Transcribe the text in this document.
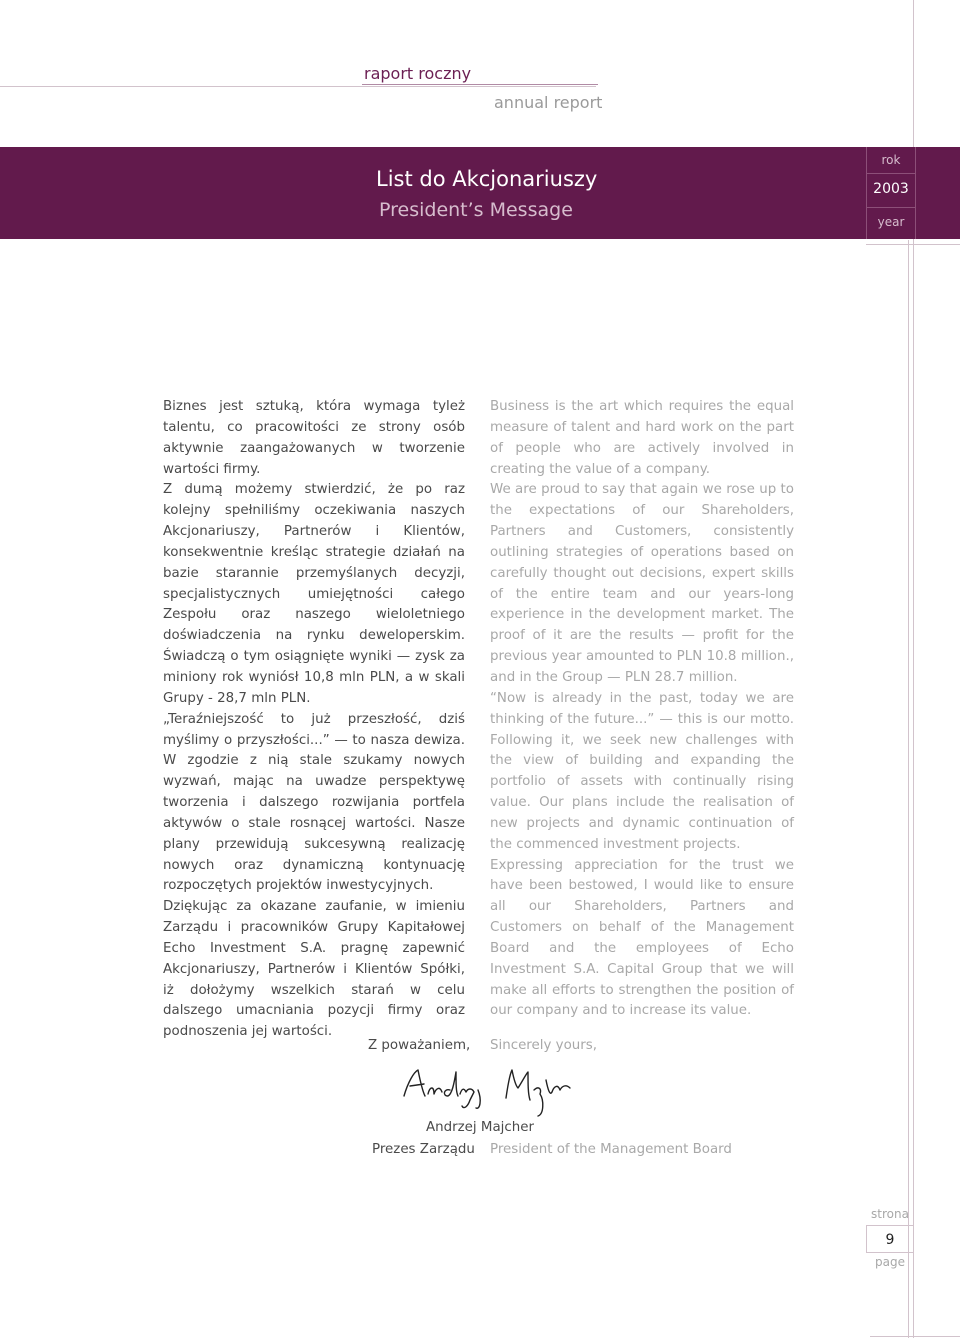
raport roczny
annual report
List do Akcjonariuszy
President’s Message
rok
2003
year

Biznes jest sztuką, która wymaga tyleż talentu, co pracowitości ze strony osób aktywnie zaangażowanych w tworzenie wartości firmy.

Z dumą możemy stwierdzić, że po raz kolejny spełniliśmy oczekiwania naszych Akcjonariuszy, Partnerów i Klientów, konsekwentnie kreśląc strategie działań na bazie starannie przemyślanych decyzji, specjalistycznych umiejętności całego Zespołu oraz naszego wieloletniego doświadczenia na rynku deweloperskim. Świadczą o tym osiągnięte wyniki — zysk za miniony rok wyniósł 10,8 mln PLN, a w skali Grupy - 28,7 mln PLN.

„Teraźniejszość to już przeszłość, dziś myślimy o przyszłości...” — to nasza dewiza. W zgodzie z nią stale szukamy nowych wyzwań, mając na uwadze perspektywę tworzenia i dalszego rozwijania portfela aktywów o stale rosnącej wartości. Nasze plany przewidują sukcesywną realizację nowych oraz dynamiczną kontynuację rozpoczętych projektów inwestycyjnych.

Dziękując za okazane zaufanie, w imieniu Zarządu i pracowników Grupy Kapitałowej Echo Investment S.A. pragnę zapewnić Akcjonariuszy, Partnerów i Klientów Spółki, iż dołożymy wszelkich starań w celu dalszego umacniania pozycji firmy oraz podnoszenia jej wartości.

Business is the art which requires the equal measure of talent and hard work on the part of people who are actively involved in creating the value of a company.

We are proud to say that again we rose up to the expectations of our Shareholders, Partners and Customers, consistently outlining strategies of operations based on carefully thought out decisions, expert skills of the entire team and our years-long experience in the development market. The proof of it are the results — profit for the previous year amounted to PLN 10.8 million., and in the Group — PLN 28.7 million.

“Now is already in the past, today we are thinking of the future...” — this is our motto. Following it, we seek new challenges with the view of building and expanding the portfolio of assets with continually rising value. Our plans include the realisation of new projects and dynamic continuation of the commenced investment projects.

Expressing appreciation for the trust we have been bestowed, I would like to ensure all our Shareholders, Partners and Customers on behalf of the Management Board and the employees of Echo Investment S.A. Capital Group that we will make all efforts to strengthen the position of our company and to increase its value.

Z poważaniem, Sincerely yours,
Andrzej Majcher
Prezes Zarządu President of the Management Board
strona
9
page
